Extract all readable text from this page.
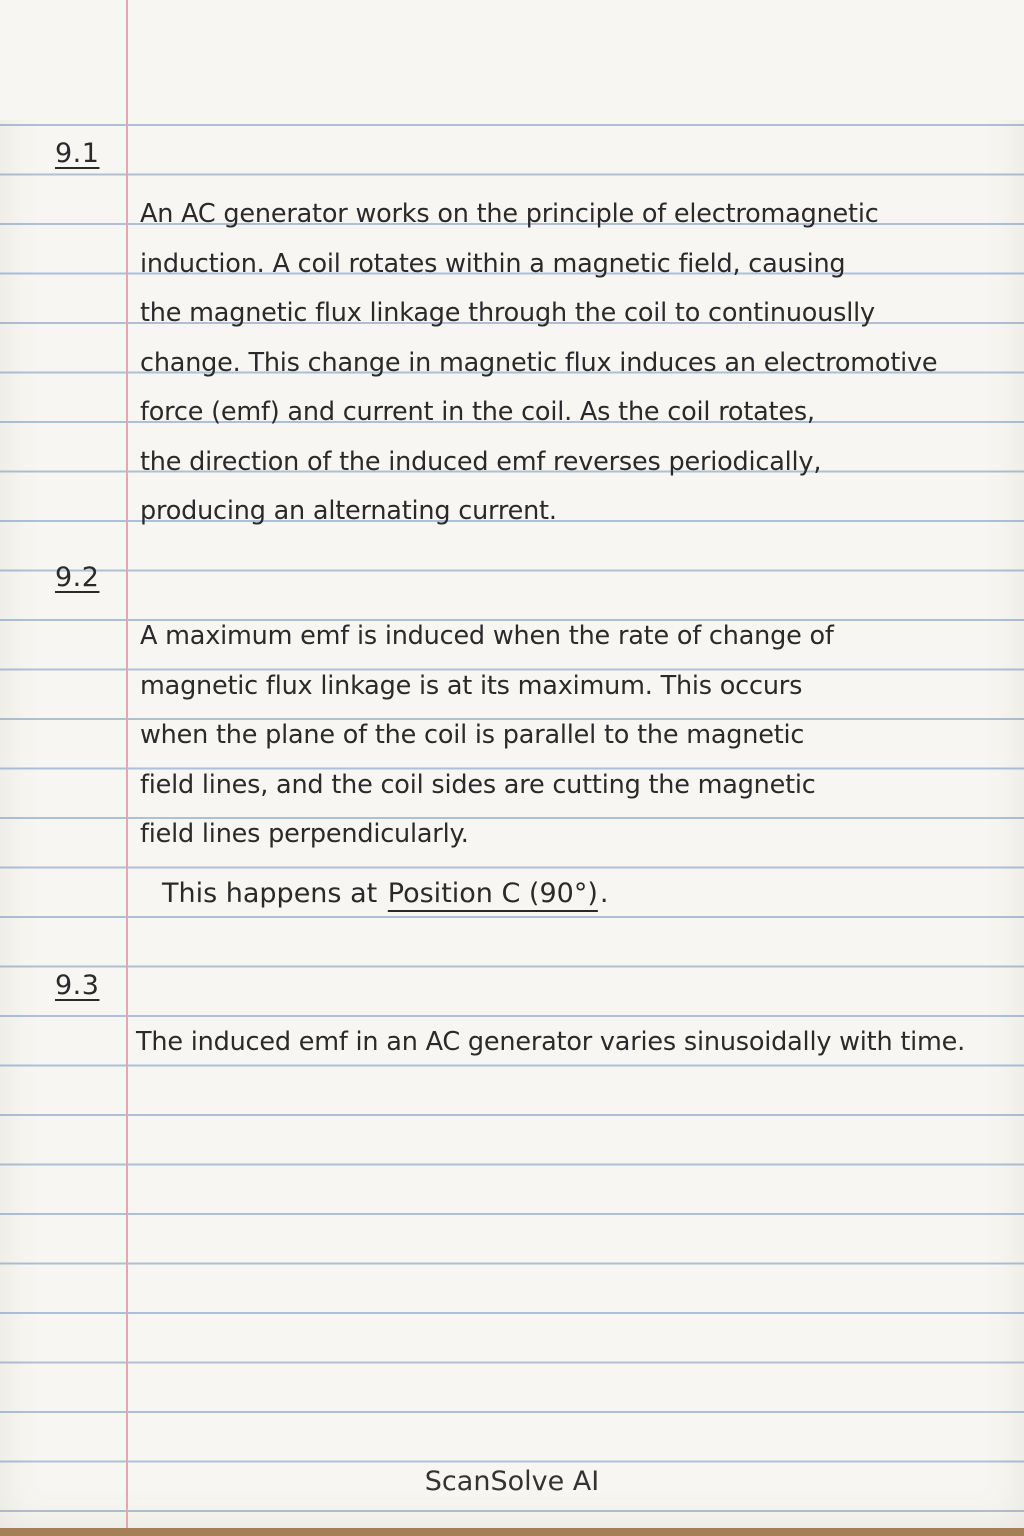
9.1
An AC generator works on the principle of electromagnetic
induction. A coil rotates within a magnetic field, causing
the magnetic flux linkage through the coil to continuouslly
change. This change in magnetic flux induces an electromotive
force (emf) and current in the coil. As the coil rotates,
the direction of the induced emf reverses periodically,
producing an alternating current.
9.2
A maximum emf is induced when the rate of change of
magnetic flux linkage is at its maximum. This occurs
when the plane of the coil is parallel to the magnetic
field lines, and the coil sides are cutting the magnetic
field lines perpendicularly.
This happens at Position C (90°).
9.3
The induced emf in an AC generator varies sinusoidally with time.
ScanSolve AI
